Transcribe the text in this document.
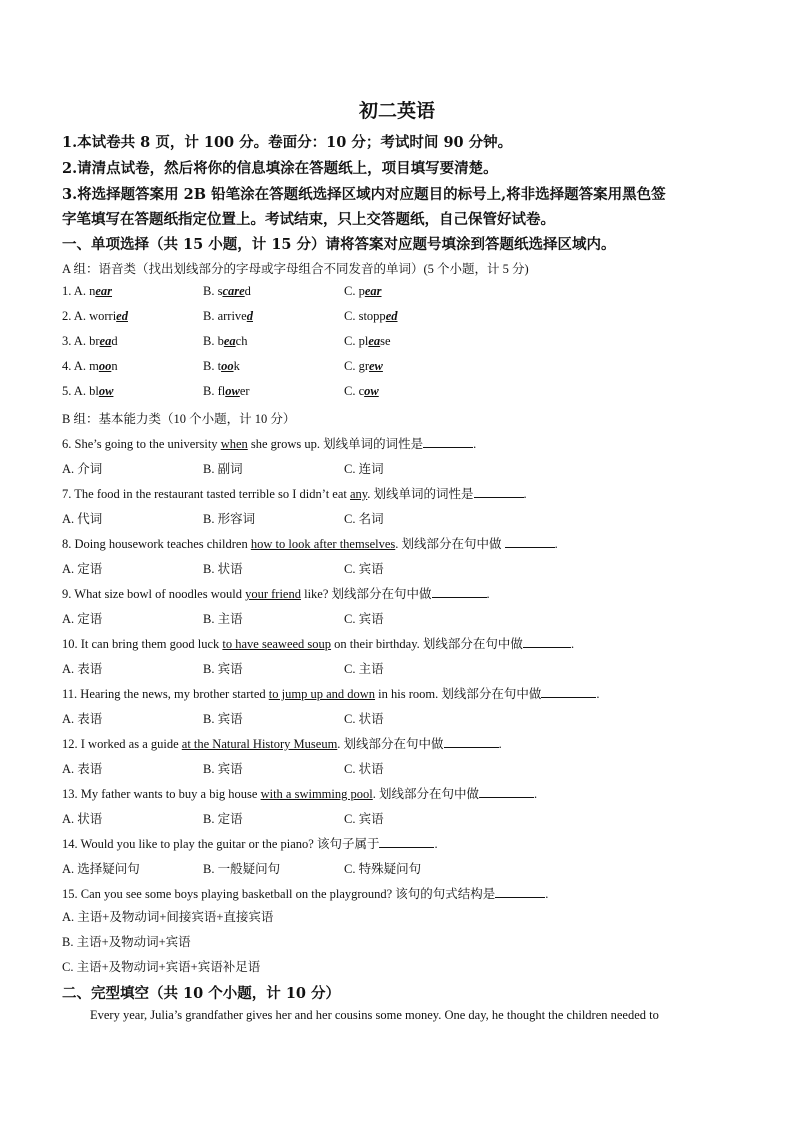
初二英语
1.本试卷共 8 页，计 100 分。卷面分：10 分；考试时间 90 分钟。
2.请清点试卷，然后将你的信息填涂在答题纸上，项目填写要清楚。
3.将选择题答案用 2B 铅笔涂在答题纸选择区域内对应题目的标号上,将非选择题答案用黑色签
字笔填写在答题纸指定位置上。考试结束，只上交答题纸，自己保管好试卷。
一、单项选择（共 15 小题，计 15 分）请将答案对应题号填涂到答题纸选择区域内。
A 组：语音类（找出划线部分的字母或字母组合不同发音的单词）(5 个小题，计 5 分)
1. A. near	B. scared	C. pear
2. A. worried	B. arrived	C. stopped
3. A. bread	B. beach	C. please
4. A. moon	B. took	C. grew
5. A. blow	B. flower	C. cow
B 组：基本能力类（10 个小题，计 10 分）
6. She’s going to the university when she grows up. 划线单词的词性是	.
A. 介词	B. 副词	C. 连词
7. The food in the restaurant tasted terrible so I didn’t eat any. 划线单词的词性是	.
A. 代词	B. 形容词	C. 名词
8. Doing housework teaches children how to look after themselves. 划线部分在句中做	.
A. 定语	B. 状语	C. 宾语
9. What size bowl of noodles would your friend like? 划线部分在句中做	.
A. 定语	B. 主语	C. 宾语
10. It can bring them good luck to have seaweed soup on their birthday. 划线部分在句中做	.
A. 表语	B. 宾语	C. 主语
11. Hearing the news, my brother started to jump up and down in his room. 划线部分在句中做	.
A. 表语	B. 宾语	C. 状语
12. I worked as a guide at the Natural History Museum. 划线部分在句中做	.
A. 表语	B. 宾语	C. 状语
13. My father wants to buy a big house with a swimming pool. 划线部分在句中做	.
A. 状语	B. 定语	C. 宾语
14. Would you like to play the guitar or the piano? 该句子属于	.
A. 选择疑问句	B. 一般疑问句	C. 特殊疑问句
15. Can you see some boys playing basketball on the playground? 该句的句式结构是	.
A. 主语+及物动词+间接宾语+直接宾语
B. 主语+及物动词+宾语
C. 主语+及物动词+宾语+宾语补足语
二、完型填空（共 10 个小题，计 10 分）
Every year, Julia’s grandfather gives her and her cousins some money. One day, he thought the children needed to
